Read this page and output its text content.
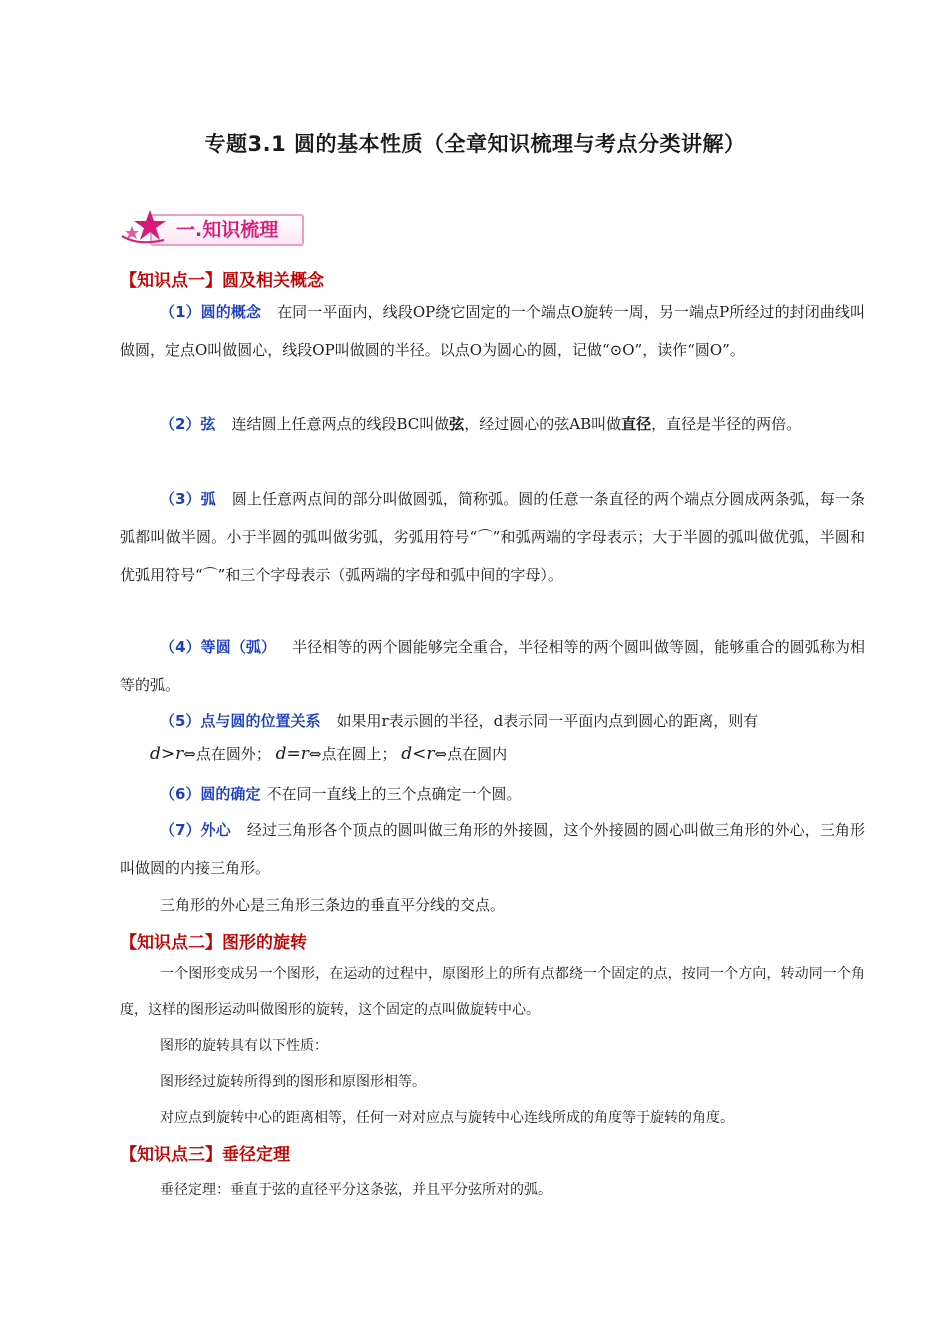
专题3.1 圆的基本性质（全章知识梳理与考点分类讲解）
一.知识梳理
【知识点一】圆及相关概念
（1）圆的概念 在同一平面内，线段OP绕它固定的一个端点O旋转一周，另一端点P所经过的封闭曲线叫做圆，定点O叫做圆心，线段OP叫做圆的半径。以点O为圆心的圆，记做“⊙O”，读作“圆O”。
（2）弦 连结圆上任意两点的线段BC叫做弦，经过圆心的弦AB叫做直径，直径是半径的两倍。
（3）弧 圆上任意两点间的部分叫做圆弧，简称弧。圆的任意一条直径的两个端点分圆成两条弧，每一条弧都叫做半圆。小于半圆的弧叫做劣弧，劣弧用符号“⌒”和弧两端的字母表示；大于半圆的弧叫做优弧，半圆和优弧用符号“⌒”和三个字母表示（弧两端的字母和弧中间的字母）。
（4）等圆（弧） 半径相等的两个圆能够完全重合，半径相等的两个圆叫做等圆，能够重合的圆弧称为相等的弧。
（5）点与圆的位置关系 如果用r表示圆的半径，d表示同一平面内点到圆心的距离，则有
d>r⇔点在圆外； d=r⇔点在圆上； d<r⇔点在圆内
（6）圆的确定 不在同一直线上的三个点确定一个圆。
（7）外心 经过三角形各个顶点的圆叫做三角形的外接圆，这个外接圆的圆心叫做三角形的外心，三角形叫做圆的内接三角形。
三角形的外心是三角形三条边的垂直平分线的交点。
【知识点二】图形的旋转
一个图形变成另一个图形，在运动的过程中，原图形上的所有点都绕一个固定的点，按同一个方向，转动同一个角度，这样的图形运动叫做图形的旋转，这个固定的点叫做旋转中心。
图形的旋转具有以下性质：
图形经过旋转所得到的图形和原图形相等。
对应点到旋转中心的距离相等，任何一对对应点与旋转中心连线所成的角度等于旋转的角度。
【知识点三】垂径定理
垂径定理：垂直于弦的直径平分这条弦，并且平分弦所对的弧。
